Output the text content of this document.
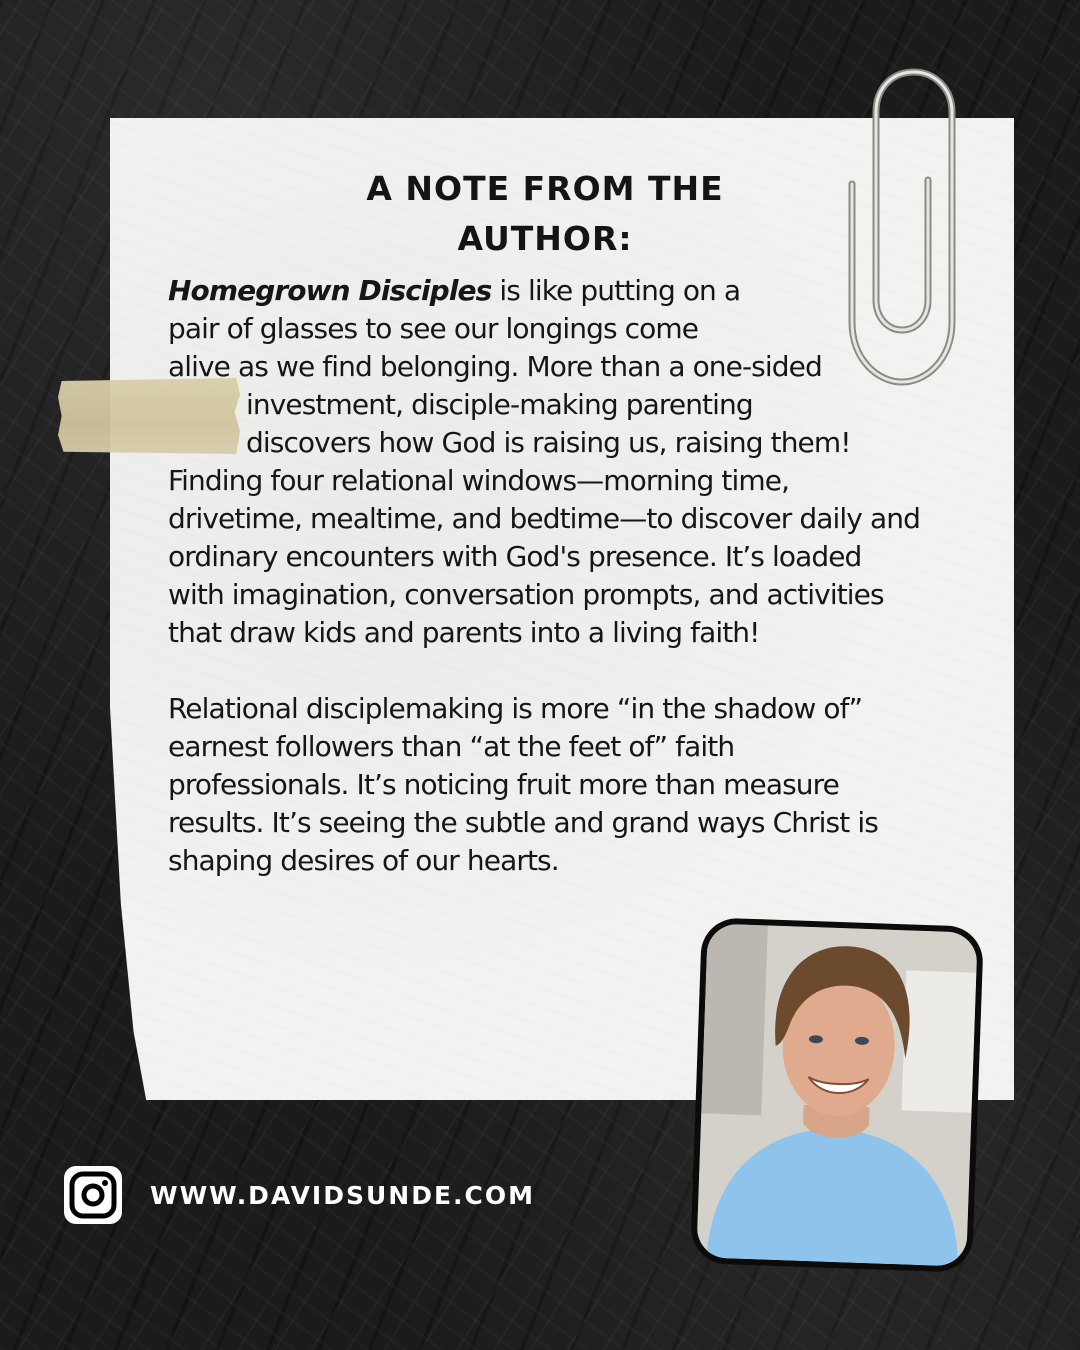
A NOTE FROM THE
AUTHOR:
Homegrown Disciples is like putting on a
pair of glasses to see our longings come
alive as we find belonging. More than a one-sided
investment, disciple-making parenting
discovers how God is raising us, raising them!
Finding four relational windows—morning time,
drivetime, mealtime, and bedtime—to discover daily and
ordinary encounters with God's presence. It’s loaded
with imagination, conversation prompts, and activities
that draw kids and parents into a living faith!
Relational disciplemaking is more “in the shadow of”
earnest followers than “at the feet of” faith
professionals. It’s noticing fruit more than measure
results. It’s seeing the subtle and grand ways Christ is
shaping desires of our hearts.
WWW.DAVIDSUNDE.COM
